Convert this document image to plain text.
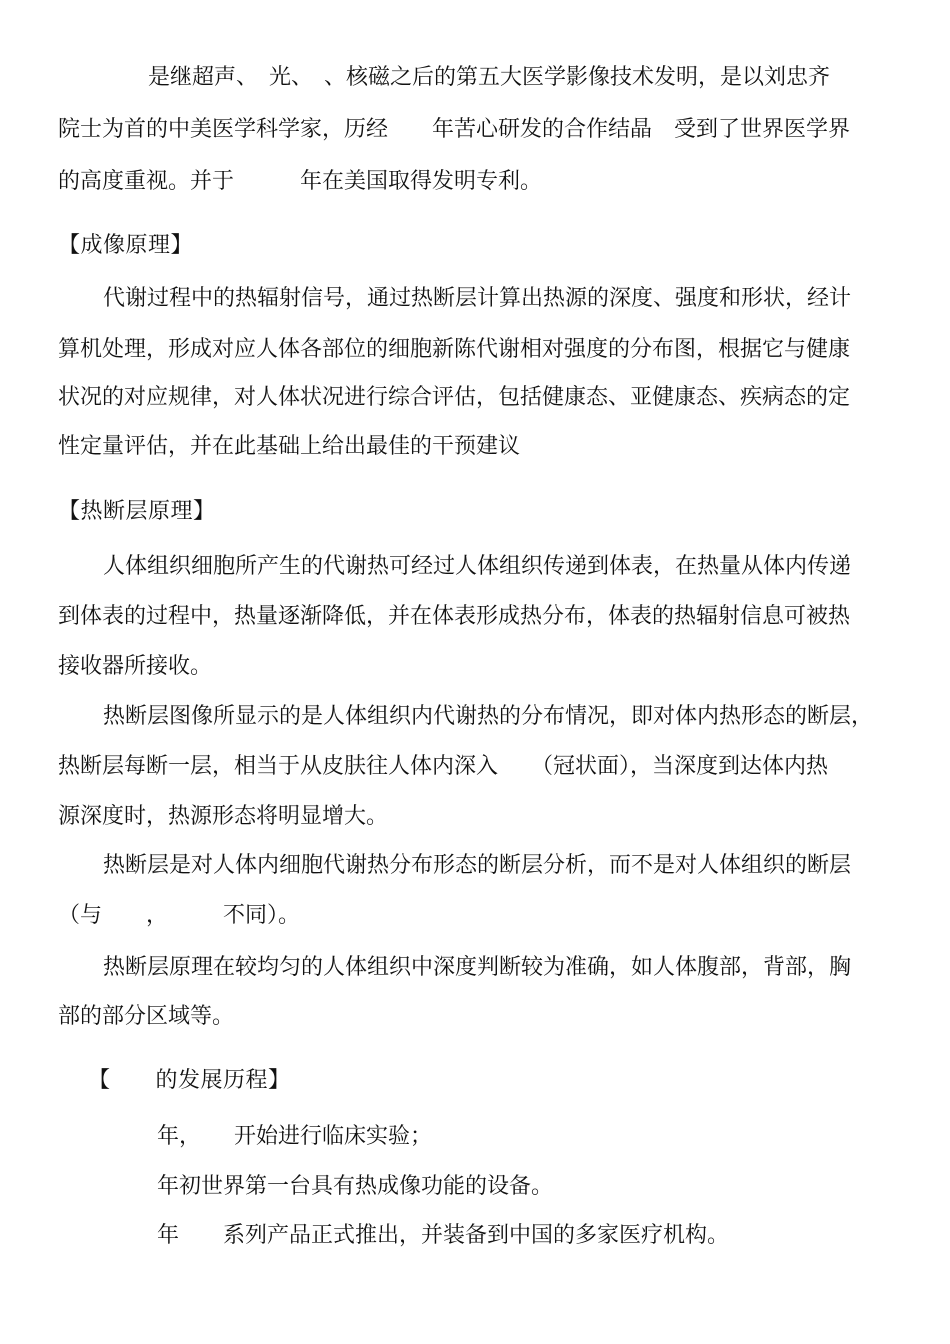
是继超声、　光、　、核磁之后的第五大医学影像技术发明，是以刘忠齐
院士为首的中美医学科学家，历经　　年苦心研发的合作结晶　受到了世界医学界
的高度重视。并于　　　年在美国取得发明专利。
【成像原理】
代谢过程中的热辐射信号，通过热断层计算出热源的深度、强度和形状，经计
算机处理，形成对应人体各部位的细胞新陈代谢相对强度的分布图，根据它与健康
状况的对应规律，对人体状况进行综合评估，包括健康态、亚健康态、疾病态的定
性定量评估，并在此基础上给出最佳的干预建议
【热断层原理】
人体组织细胞所产生的代谢热可经过人体组织传递到体表，在热量从体内传递
到体表的过程中，热量逐渐降低，并在体表形成热分布，体表的热辐射信息可被热
接收器所接收。
热断层图像所显示的是人体组织内代谢热的分布情况，即对体内热形态的断层，
热断层每断一层，相当于从皮肤往人体内深入　　（冠状面），当深度到达体内热
源深度时，热源形态将明显增大。
热断层是对人体内细胞代谢热分布形态的断层分析，而不是对人体组织的断层
（与　　，　　　不同）。
热断层原理在较均匀的人体组织中深度判断较为准确，如人体腹部，背部，胸
部的部分区域等。
【　　的发展历程】
年，　　开始进行临床实验；
年初世界第一台具有热成像功能的设备。
年　　系列产品正式推出，并装备到中国的多家医疗机构。
